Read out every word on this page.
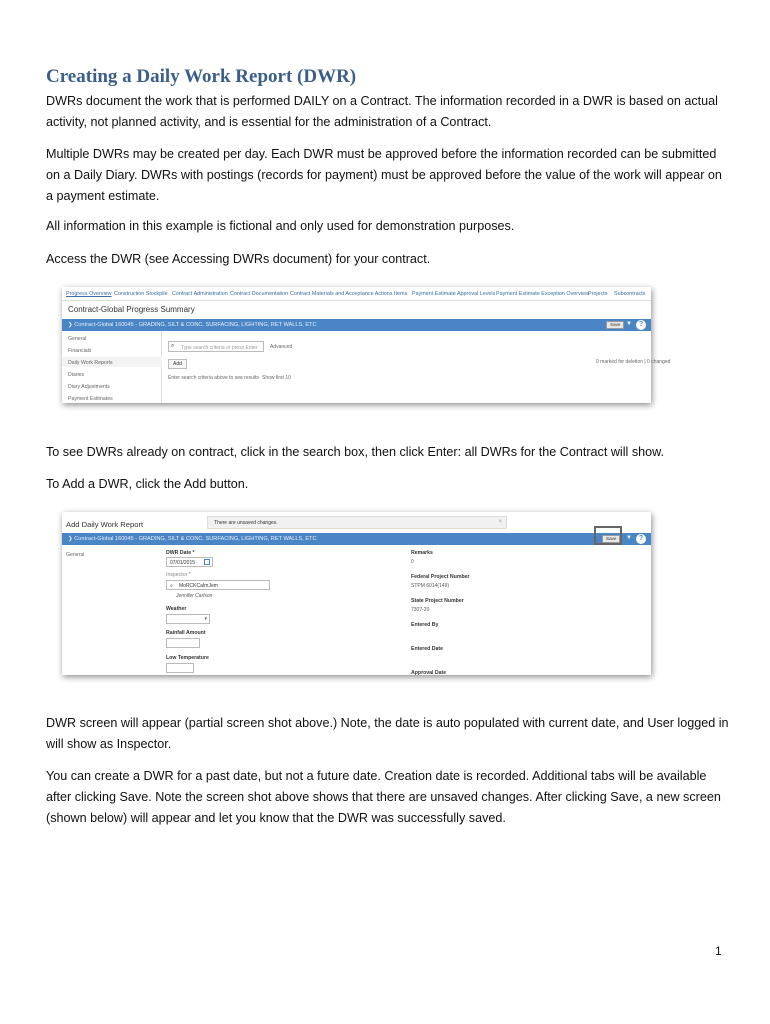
Creating a Daily Work Report (DWR)

DWRs document the work that is performed DAILY on a Contract. The information recorded in a DWR is based on actual activity, not planned activity, and is essential for the administration of a Contract.

Multiple DWRs may be created per day. Each DWR must be approved before the information recorded can be submitted on a Daily Diary. DWRs with postings (records for payment) must be approved before the value of the work will appear on a payment estimate.

All information in this example is fictional and only used for demonstration purposes.

Access the DWR (see Accessing DWRs document) for your contract.

Progress Overview Construction Stockpile Contract Administration Contract Documentation Contract Materials and Acceptance Actions Items Payment Estimate Approval Levels Payment Estimate Exception Overview Projects Subcontracts
Contract-Global Progress Summary
❯ Contract-Global 160045 - GRADING, SILT & CONC. SURFACING, LIGHTING, RET WALLS, ETC	Save ▼ ?
General
Financials
Daily Work Reports
Diaries
Diary Adjustments
Payment Estimates
⌕ Type search criteria or press Enter	Advanced
Add	0 marked for deletion | 0 changed
Enter search criteria above to see results Show first 10

To see DWRs already on contract, click in the search box, then click Enter: all DWRs for the Contract will show.

To Add a DWR, click the Add button.

Add Daily Work Report	There are unsaved changes.	×
❯ Contract-Global 160045 - GRADING, SILT & CONC. SURFACING, LIGHTING, RET WALLS, ETC	Save	▼ ?
General	DWR Date *
07/01/2015
Inspector *
⌕ MoRCKCalrnJem
Jennifer Carlson
Weather
▾
Rainfall Amount
Low Temperature
Remarks
0
Federal Project Number
STPM 6014(149)
State Project Number
7307-20
Entered By
Entered Date
Approval Date

DWR screen will appear (partial screen shot above.) Note, the date is auto populated with current date, and User logged in will show as Inspector.

You can create a DWR for a past date, but not a future date. Creation date is recorded. Additional tabs will be available after clicking Save. Note the screen shot above shows that there are unsaved changes. After clicking Save, a new screen (shown below) will appear and let you know that the DWR was successfully saved.

1
